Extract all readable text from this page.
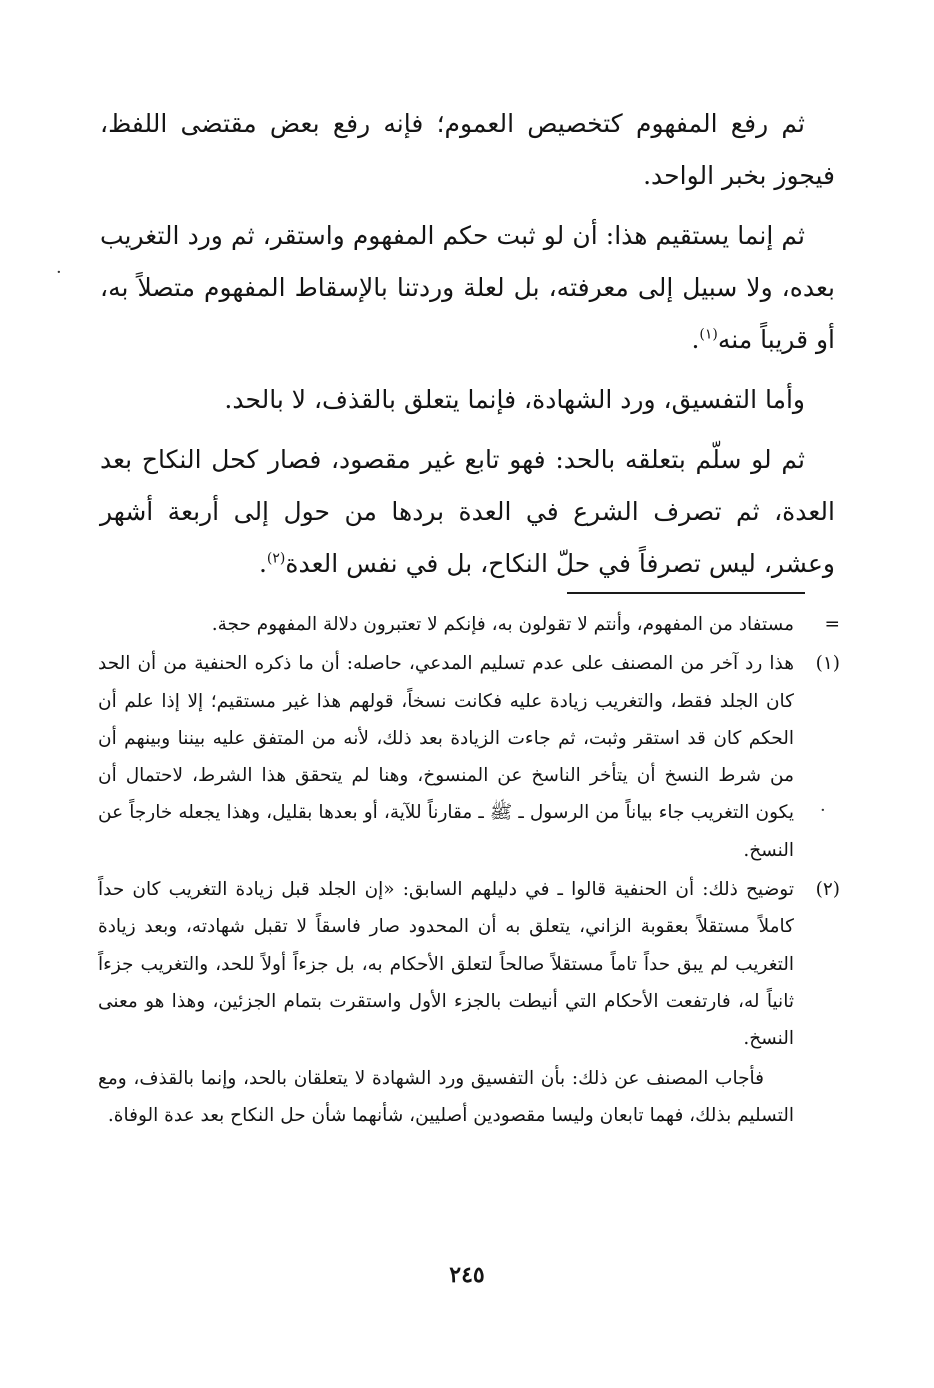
ثم رفع المفهوم كتخصيص العموم؛ فإنه رفع بعض مقتضى اللفظ، فيجوز بخبر الواحد.

ثم إنما يستقيم هذا: أن لو ثبت حكم المفهوم واستقر، ثم ورد التغريب بعده، ولا سبيل إلى معرفته، بل لعلة وردتنا بالإسقاط المفهوم متصلاً به، أو قريباً منه$^{(١)}$.

وأما التفسيق، ورد الشهادة، فإنما يتعلق بالقذف، لا بالحد.

ثم لو سلّم بتعلقه بالحد: فهو تابع غير مقصود، فصار كحل النكاح بعد العدة، ثم تصرف الشرع في العدة بردها من حول إلى أربعة أشهر وعشر، ليس تصرفاً في حلّ النكاح، بل في نفس العدة$^{(٢)}$.

=
مستفاد من المفهوم، وأنتم لا تقولون به، فإنكم لا تعتبرون دلالة المفهوم حجة.

(١)
هذا رد آخر من المصنف على عدم تسليم المدعي، حاصله: أن ما ذكره الحنفية من أن الحد كان الجلد فقط، والتغريب زيادة عليه فكانت نسخاً، قولهم هذا غير مستقيم؛ إلا إذا علم أن الحكم كان قد استقر وثبت، ثم جاءت الزيادة بعد ذلك، لأنه من المتفق عليه بيننا وبينهم أن من شرط النسخ أن يتأخر الناسخ عن المنسوخ، وهنا لم يتحقق هذا الشرط، لاحتمال أن يكون التغريب جاء بياناً من الرسول ـ ﷺ ـ مقارناً للآية، أو بعدها بقليل، وهذا يجعله خارجاً عن النسخ.

(٢)
توضيح ذلك: أن الحنفية قالوا ـ في دليلهم السابق: «إن الجلد قبل زيادة التغريب كان حداً كاملاً مستقلاً بعقوبة الزاني، يتعلق به أن المحدود صار فاسقاً لا تقبل شهادته، وبعد زيادة التغريب لم يبق حداً تاماً مستقلاً صالحاً لتعلق الأحكام به، بل جزءاً أولاً للحد، والتغريب جزءاً ثانياً له، فارتفعت الأحكام التي أنيطت بالجزء الأول واستقرت بتمام الجزئين، وهذا هو معنى النسخ.

فأجاب المصنف عن ذلك: بأن التفسيق ورد الشهادة لا يتعلقان بالحد، وإنما بالقذف، ومع التسليم بذلك، فهما تابعان وليسا مقصودين أصليين، شأنهما شأن حل النكاح بعد عدة الوفاة.

·
·
٢٤٥
